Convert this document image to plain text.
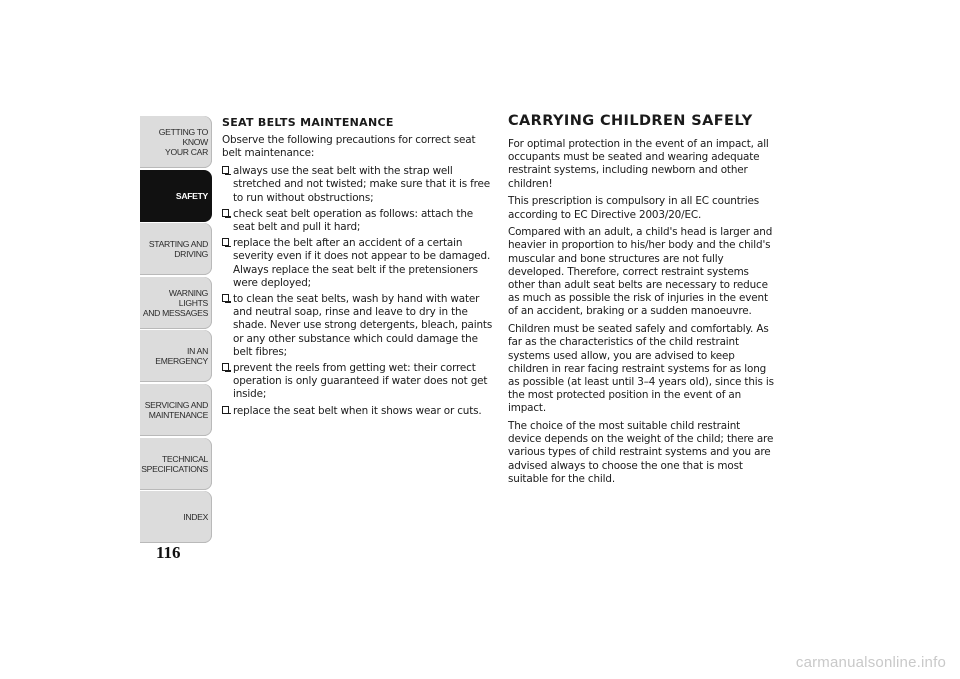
GETTING TO KNOW
YOUR CAR
SAFETY
STARTING AND
DRIVING
WARNING LIGHTS
AND MESSAGES
IN AN EMERGENCY
SERVICING AND
MAINTENANCE
TECHNICAL
SPECIFICATIONS
INDEX
116
SEAT BELTS MAINTENANCE

Observe the following precautions for correct seat belt maintenance:

always use the seat belt with the strap well stretched and not twisted; make sure that it is free to run without obstructions;
check seat belt operation as follows: attach the seat belt and pull it hard;
replace the belt after an accident of a certain severity even if it does not appear to be damaged. Always replace the seat belt if the pretensioners were deployed;
to clean the seat belts, wash by hand with water and neutral soap, rinse and leave to dry in the shade. Never use strong detergents, bleach, paints or any other substance which could damage the belt fibres;
prevent the reels from getting wet: their correct operation is only guaranteed if water does not get inside;
replace the seat belt when it shows wear or cuts.
CARRYING CHILDREN SAFELY

For optimal protection in the event of an impact, all occupants must be seated and wearing adequate restraint systems, including newborn and other children!

This prescription is compulsory in all EC countries according to EC Directive 2003/20/EC.

Compared with an adult, a child's head is larger and heavier in proportion to his/her body and the child's muscular and bone structures are not fully developed. Therefore, correct restraint systems other than adult seat belts are necessary to reduce as much as possible the risk of injuries in the event of an accident, braking or a sudden manoeuvre.

Children must be seated safely and comfortably. As far as the characteristics of the child restraint systems used allow, you are advised to keep children in rear facing restraint systems for as long as possible (at least until 3–4 years old), since this is the most protected position in the event of an impact.

The choice of the most suitable child restraint device depends on the weight of the child; there are various types of child restraint systems and you are advised always to choose the one that is most suitable for the child.

carmanualsonline.info
